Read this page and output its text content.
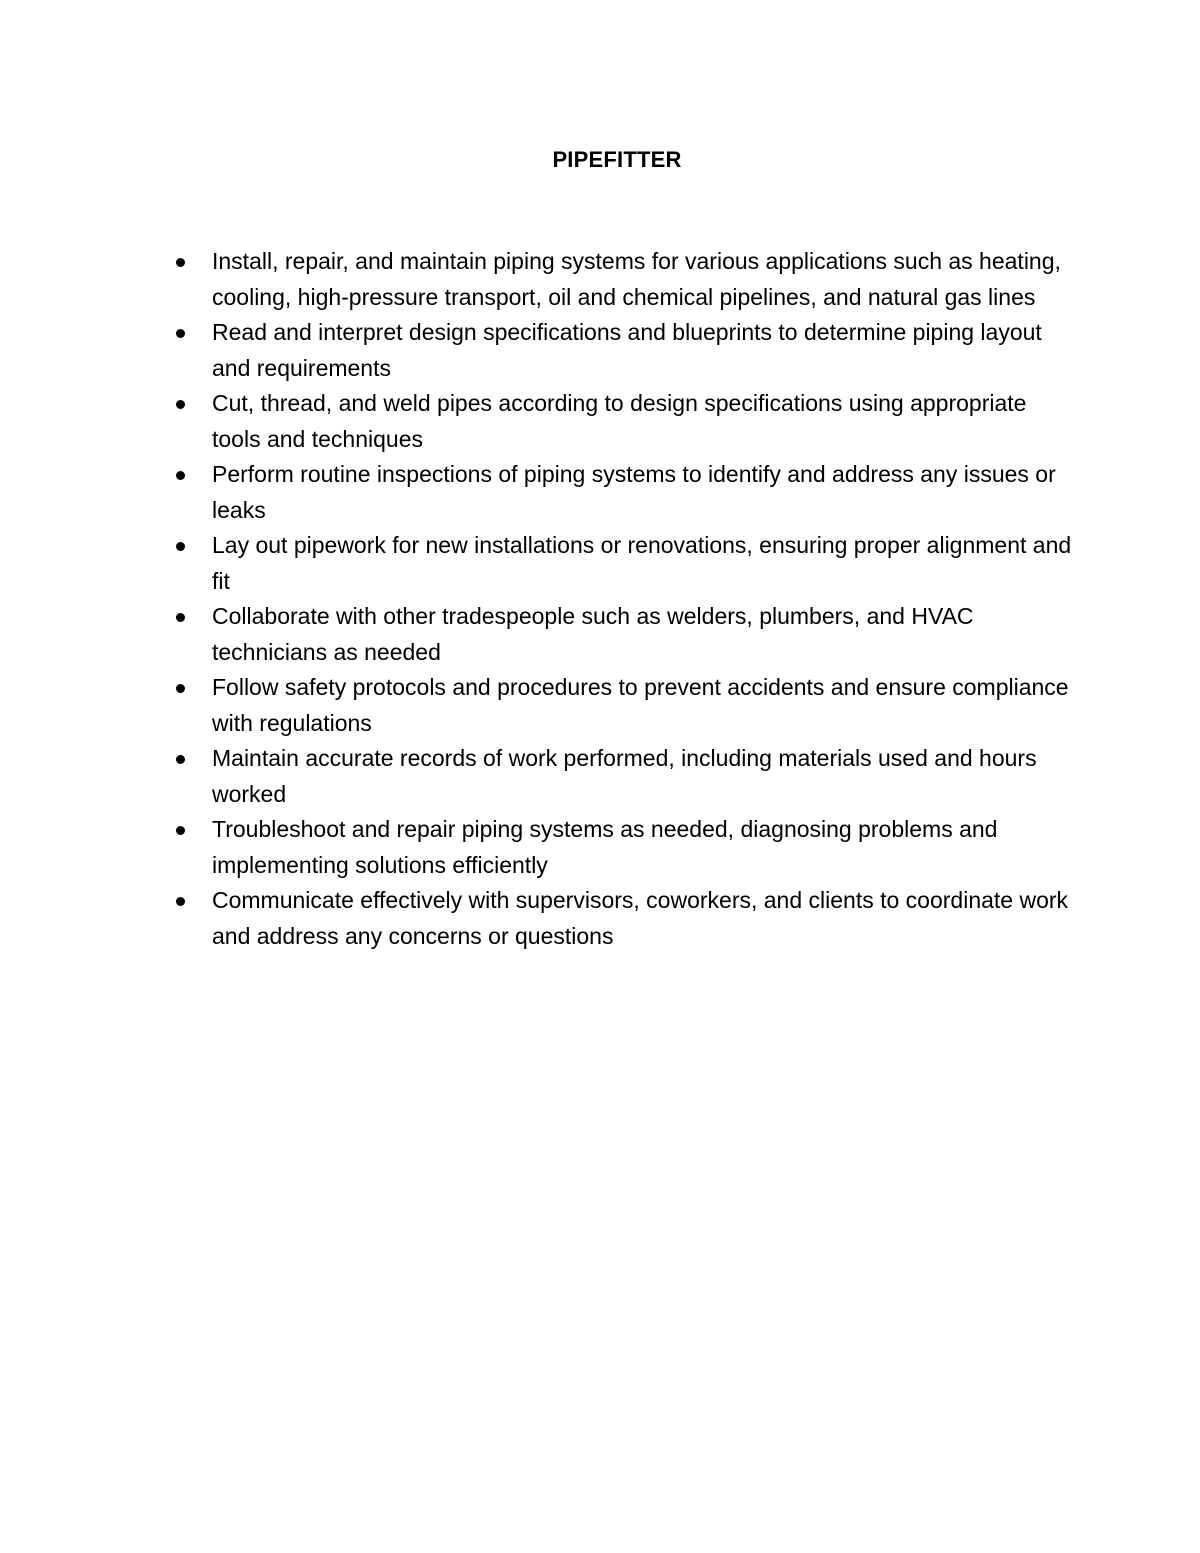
PIPEFITTER
Install, repair, and maintain piping systems for various applications such as heating, cooling, high-pressure transport, oil and chemical pipelines, and natural gas lines
Read and interpret design specifications and blueprints to determine piping layout and requirements
Cut, thread, and weld pipes according to design specifications using appropriate tools and techniques
Perform routine inspections of piping systems to identify and address any issues or leaks
Lay out pipework for new installations or renovations, ensuring proper alignment and fit
Collaborate with other tradespeople such as welders, plumbers, and HVAC technicians as needed
Follow safety protocols and procedures to prevent accidents and ensure compliance with regulations
Maintain accurate records of work performed, including materials used and hours worked
Troubleshoot and repair piping systems as needed, diagnosing problems and implementing solutions efficiently
Communicate effectively with supervisors, coworkers, and clients to coordinate work and address any concerns or questions
